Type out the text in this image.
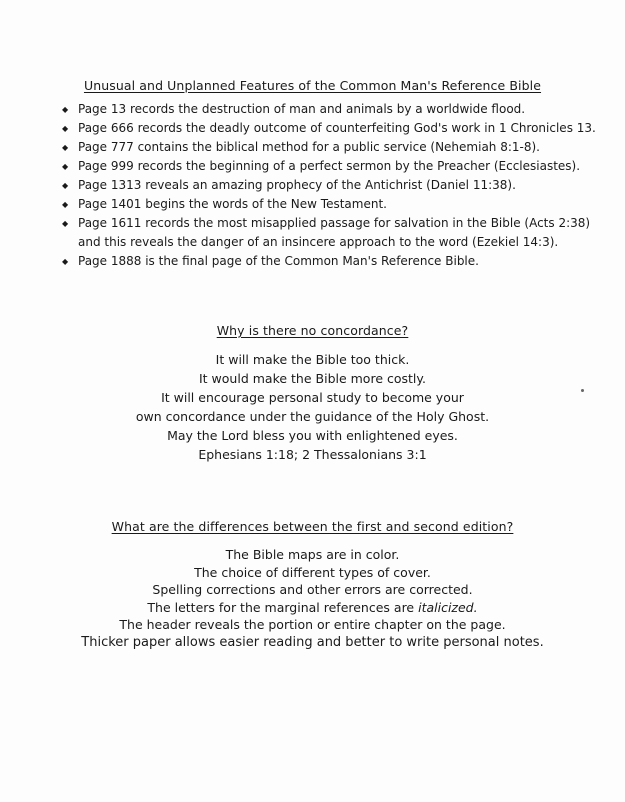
Unusual and Unplanned Features of the Common Man's Reference Bible
◆ Page 13 records the destruction of man and animals by a worldwide flood.
◆ Page 666 records the deadly outcome of counterfeiting God's work in 1 Chronicles 13.
◆ Page 777 contains the biblical method for a public service (Nehemiah 8:1-8).
◆ Page 999 records the beginning of a perfect sermon by the Preacher (Ecclesiastes).
◆ Page 1313 reveals an amazing prophecy of the Antichrist (Daniel 11:38).
◆ Page 1401 begins the words of the New Testament.
◆ Page 1611 records the most misapplied passage for salvation in the Bible (Acts 2:38)
and this reveals the danger of an insincere approach to the word (Ezekiel 14:3).
◆ Page 1888 is the final page of the Common Man's Reference Bible.
Why is there no concordance?
It will make the Bible too thick.
It would make the Bible more costly.
It will encourage personal study to become your
own concordance under the guidance of the Holy Ghost.
May the Lord bless you with enlightened eyes.
Ephesians 1:18; 2 Thessalonians 3:1
What are the differences between the first and second edition?
The Bible maps are in color.
The choice of different types of cover.
Spelling corrections and other errors are corrected.
The letters for the marginal references are italicized.
The header reveals the portion or entire chapter on the page.
Thicker paper allows easier reading and better to write personal notes.
